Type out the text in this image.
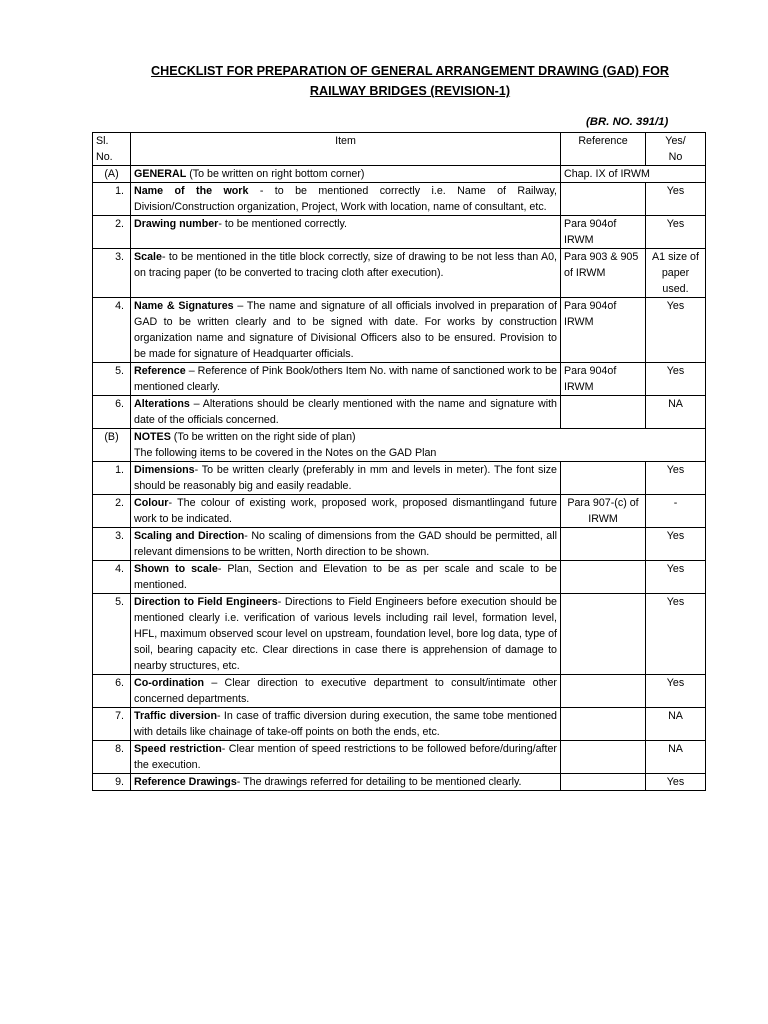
CHECKLIST FOR PREPARATION OF GENERAL ARRANGEMENT DRAWING (GAD) FOR
RAILWAY BRIDGES (REVISION-1)
(BR. NO. 391/1)
Sl.
No.	Item	Reference	Yes/
No
(A)	GENERAL (To be written on right bottom corner)	Chap. IX of IRWM	
1.	Name of the work - to be mentioned correctly i.e. Name of Railway, Division/Construction organization, Project, Work with location, name of consultant, etc.		Yes
2.	Drawing number- to be mentioned correctly.	Para 904of IRWM	Yes
3.	Scale- to be mentioned in the title block correctly, size of drawing to be not less than A0, on tracing paper (to be converted to tracing cloth after execution).	Para 903 & 905 of IRWM	A1 size of paper used.
4.	Name & Signatures – The name and signature of all officials involved in preparation of GAD to be written clearly and to be signed with date. For works by construction organization name and signature of Divisional Officers also to be ensured. Provision to be made for signature of Headquarter officials.	Para 904of IRWM	Yes
5.	Reference – Reference of Pink Book/others Item No. with name of sanctioned work to be mentioned clearly.	Para 904of IRWM	Yes
6.	Alterations – Alterations should be clearly mentioned with the name and signature with date of the officials concerned.		NA
(B)	NOTES (To be written on the right side of plan)
The following items to be covered in the Notes on the GAD Plan		

1.	Dimensions- To be written clearly (preferably in mm and levels in meter). The font size should be reasonably big and easily readable.		Yes
2.	Colour- The colour of existing work, proposed work, proposed dismantlingand future work to be indicated.	Para 907-(c) of IRWM	-
3.	Scaling and Direction- No scaling of dimensions from the GAD should be permitted, all relevant dimensions to be written, North direction to be shown.		Yes
4.	Shown to scale- Plan, Section and Elevation to be as per scale and scale to be mentioned.		Yes
5.	Direction to Field Engineers- Directions to Field Engineers before execution should be mentioned clearly i.e. verification of various levels including rail level, formation level, HFL, maximum observed scour level on upstream, foundation level, bore log data, type of soil, bearing capacity etc. Clear directions in case there is apprehension of damage to nearby structures, etc.		Yes
6.	Co-ordination – Clear direction to executive department to consult/intimate other concerned departments.		Yes
7.	Traffic diversion- In case of traffic diversion during execution, the same tobe mentioned with details like chainage of take-off points on both the ends, etc.		NA
8.	Speed restriction- Clear mention of speed restrictions to be followed before/during/after the execution.		NA
9.	Reference Drawings- The drawings referred for detailing to be mentioned clearly.		Yes
